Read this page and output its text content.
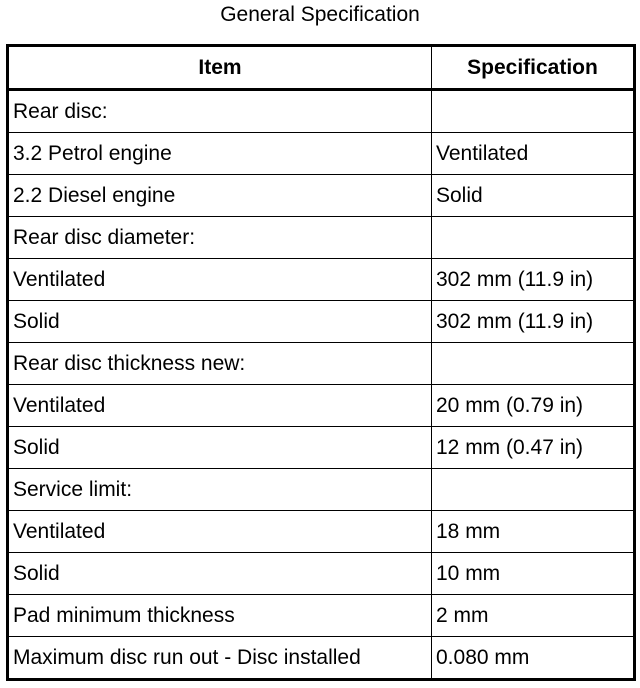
General Specification
Item	Specification
Rear disc:	
3.2 Petrol engine	Ventilated
2.2 Diesel engine	Solid
Rear disc diameter:	
Ventilated	302 mm (11.9 in)
Solid	302 mm (11.9 in)
Rear disc thickness new:	
Ventilated	20 mm (0.79 in)
Solid	12 mm (0.47 in)
Service limit:	
Ventilated	18 mm
Solid	10 mm
Pad minimum thickness	2 mm
Maximum disc run out - Disc installed	0.080 mm
